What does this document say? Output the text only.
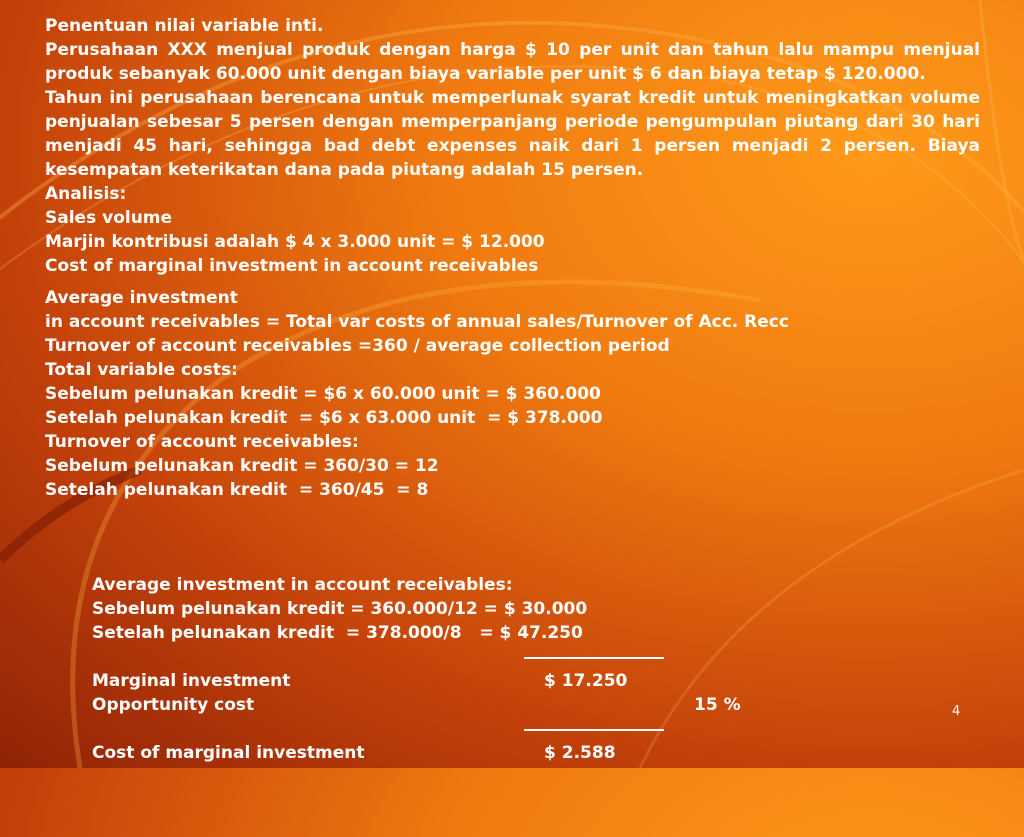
Penentuan nilai variable inti.
Perusahaan XXX menjual produk dengan harga $ 10 per unit dan tahun lalu mampu menjual produk sebanyak 60.000 unit dengan biaya variable per unit $ 6 dan biaya tetap $ 120.000.
Tahun ini perusahaan berencana untuk memperlunak syarat kredit untuk meningkatkan volume penjualan sebesar 5 persen dengan memperpanjang periode pengumpulan piutang dari 30 hari menjadi 45 hari, sehingga bad debt expenses naik dari 1 persen menjadi 2 persen. Biaya kesempatan keterikatan dana pada piutang adalah 15 persen.
Analisis:
Sales volume
Marjin kontribusi adalah $ 4 x 3.000 unit = $ 12.000
Cost of marginal investment in account receivables
Average investment
in account receivables = Total var costs of annual sales/Turnover of Acc. Recc
Turnover of account receivables =360 / average collection period
Total variable costs:
Sebelum pelunakan kredit = $6 x 60.000 unit = $ 360.000
Setelah pelunakan kredit  = $6 x 63.000 unit  = $ 378.000
Turnover of account receivables:
Sebelum pelunakan kredit = 360/30 = 12
Setelah pelunakan kredit  = 360/45  = 8
Average investment in account receivables:
Sebelum pelunakan kredit = 360.000/12 = $ 30.000
Setelah pelunakan kredit  = 378.000/8   = $ 47.250

Marginal investment

	$ 17.250

Opportunity cost

	15 %

Cost of marginal investment

	$ 2.588

4
